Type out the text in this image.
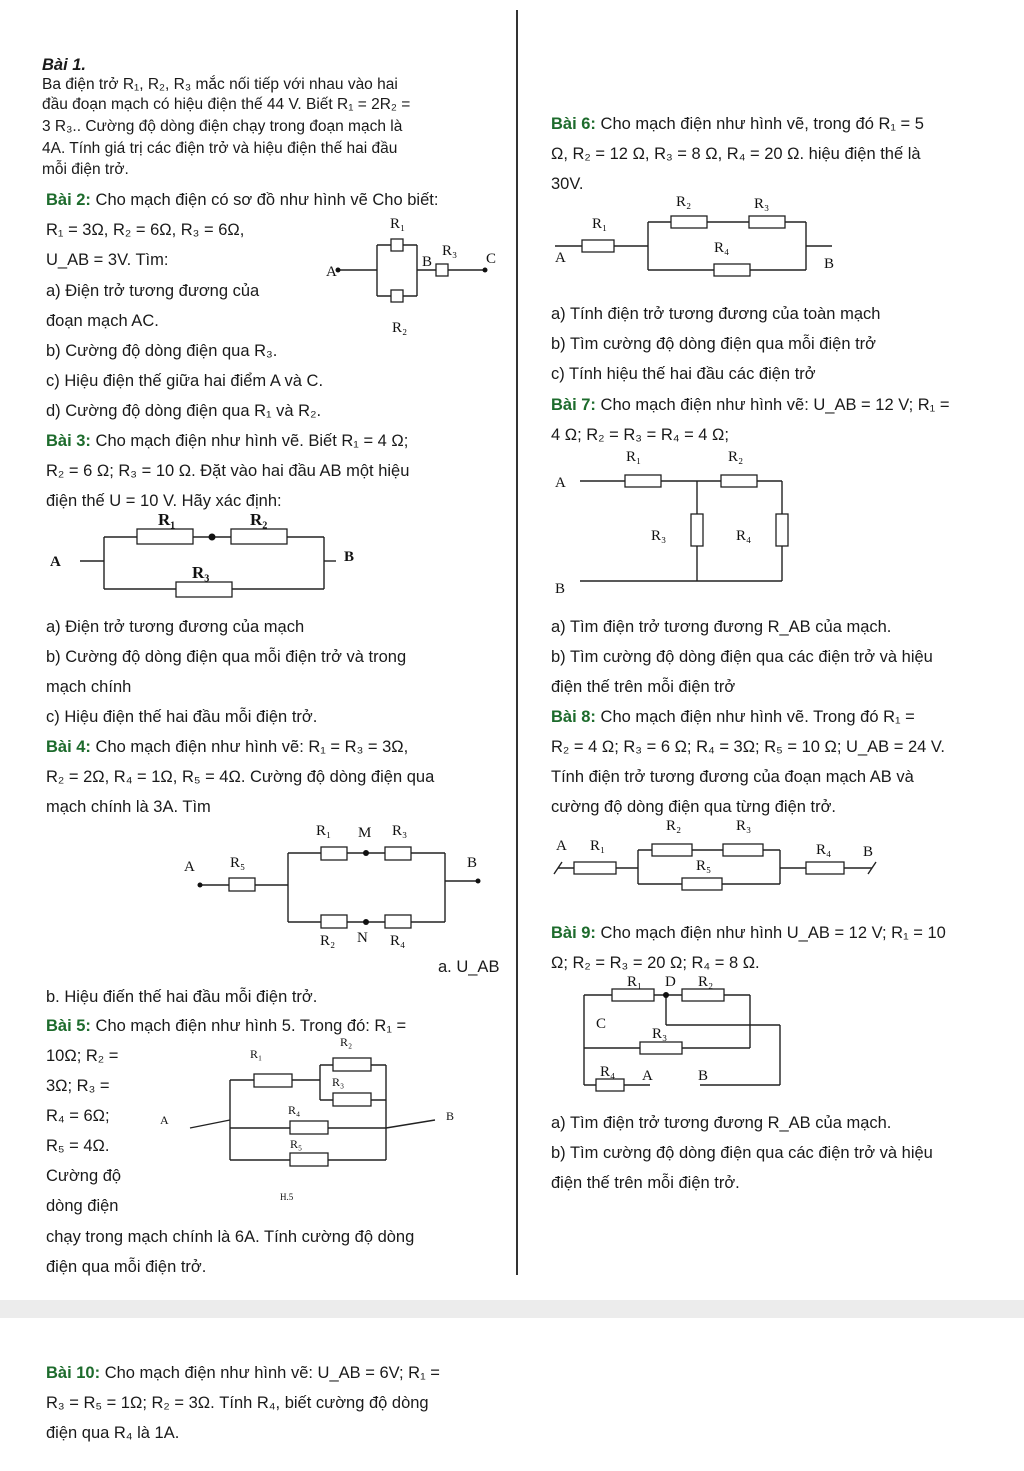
Bài 1.
Ba điện trở R₁, R₂, R₃ mắc nối tiếp với nhau vào hai
đầu đoạn mạch có hiệu điện thế 44 V. Biết R₁ = 2R₂ =
3 R₃.. Cường độ dòng điện chạy trong đoạn mạch là
4A. Tính giá trị các điện trở và hiệu điện thế hai đầu
mỗi điện trở.
Bài 2: Cho mạch điện có sơ đồ như hình vẽ Cho biết:
R₁ = 3Ω, R₂ = 6Ω, R₃ = 6Ω,
U_AB = 3V. Tìm:
a) Điện trở tương đương của
đoạn mạch AC.
b) Cường độ dòng điện qua R₃.
c) Hiệu điện thế giữa hai điểm A và C.
d) Cường độ dòng điện qua R₁ và R₂.
R₁
R₂
R₃
A
B	C
Bài 3: Cho mạch điện như hình vẽ. Biết R₁ = 4 Ω;
R₂ = 6 Ω; R₃ = 10 Ω. Đặt vào hai đầu AB một hiệu
điện thế U = 10 V. Hãy xác định:
R₁	R₂
R₃
A	B
a) Điện trở tương đương của mạch
b) Cường độ dòng điện qua mỗi điện trở và trong
mạch chính
c) Hiệu điện thế hai đầu mỗi điện trở.
Bài 4: Cho mạch điện như hình vẽ: R₁ = R₃ = 3Ω,
R₂ = 2Ω, R₄ = 1Ω, R₅ = 4Ω. Cường độ dòng điện qua
mạch chính là 3A. Tìm
R₁ M R₃
R₅
R₂ N R₄
A	B
a. U_AB
b. Hiệu điến thế hai đầu mỗi điện trở.
Bài 5: Cho mạch điện như hình 5. Trong đó: R₁ =
10Ω; R₂ =
3Ω; R₃ =
R₄ = 6Ω;
R₅ = 4Ω.
Cường độ
dòng điện
R₁
R₂
R₃
R₄
R₅
A	B
H.5
chạy trong mạch chính là 6A. Tính cường độ dòng
điện qua mỗi điện trở.
Bài 6: Cho mạch điện như hình vẽ, trong đó R₁ = 5
Ω, R₂ = 12 Ω, R₃ = 8 Ω, R₄ = 20 Ω. hiệu điện thế là
30V.
R₁
R₂	R₃
R₄
A	B
a) Tính điện trở tương đương của toàn mạch
b) Tìm cường độ dòng điện qua mỗi điện trở
c) Tính hiệu thế hai đầu các điện trở
Bài 7: Cho mạch điện như hình vẽ: U_AB = 12 V; R₁ =
4 Ω; R₂ = R₃ = R₄ = 4 Ω;
R₁	R₂
R₃	R₄
A
B
a) Tìm điện trở tương đương R_AB của mạch.
b) Tìm cường độ dòng điện qua các điện trở và hiệu
điện thế trên mỗi điện trở
Bài 8: Cho mạch điện như hình vẽ. Trong đó R₁ =
R₂ = 4 Ω; R₃ = 6 Ω; R₄ = 3Ω; R₅ = 10 Ω; U_AB = 24 V.
Tính điện trở tương đương của đoạn mạch AB và
cường độ dòng điện qua từng điện trở.
R₁
R₂	R₃
R₅
R₄
A	B
Bài 9: Cho mạch điện như hình U_AB = 12 V; R₁ = 10
Ω; R₂ = R₃ = 20 Ω; R₄ = 8 Ω.
R₁ D R₂
C
R₃
R₄ A	B
a) Tìm điện trở tương đương R_AB của mạch.
b) Tìm cường độ dòng điện qua các điện trở và hiệu
điện thế trên mỗi điện trở.
Bài 10: Cho mạch điện như hình vẽ: U_AB = 6V; R₁ =
R₃ = R₅ = 1Ω; R₂ = 3Ω. Tính R₄, biết cường độ dòng
điện qua R₄ là 1A.
